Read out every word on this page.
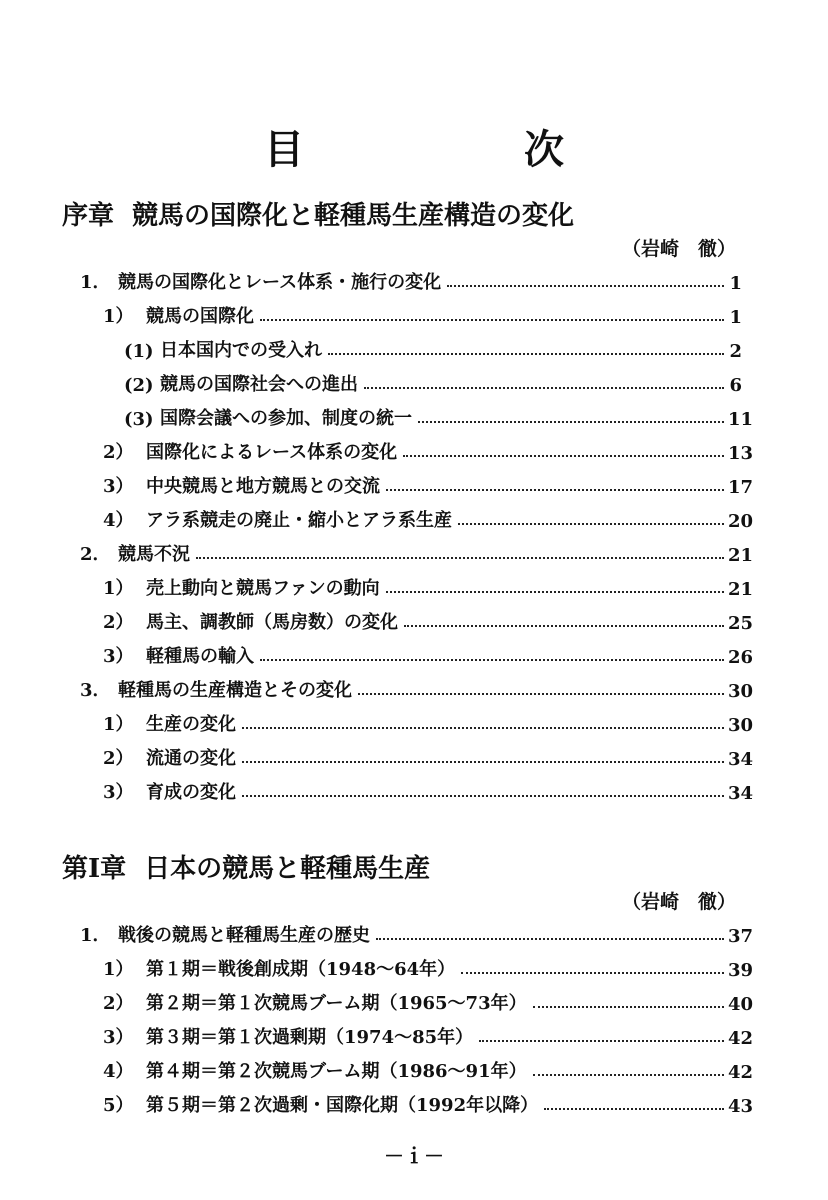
目　次
序章 競馬の国際化と軽種馬生産構造の変化
（岩崎　徹）
1． 競馬の国際化とレース体系・施行の変化	1
1） 競馬の国際化	1
(1) 日本国内での受入れ	2
(2) 競馬の国際社会への進出	6
(3) 国際会議への参加、制度の統一	11
2） 国際化によるレース体系の変化	13
3） 中央競馬と地方競馬との交流	17
4） アラ系競走の廃止・縮小とアラ系生産	20
2． 競馬不況	21
1） 売上動向と競馬ファンの動向	21
2） 馬主、調教師（馬房数）の変化	25
3） 軽種馬の輸入	26
3． 軽種馬の生産構造とその変化	30
1） 生産の変化	30
2） 流通の変化	34
3） 育成の変化	34
第Ⅰ章 日本の競馬と軽種馬生産
（岩崎　徹）
1． 戦後の競馬と軽種馬生産の歴史	37
1） 第１期＝戦後創成期（1948～64年）	39
2） 第２期＝第１次競馬ブーム期（1965～73年）	40
3） 第３期＝第１次過剰期（1974～85年）	42
4） 第４期＝第２次競馬ブーム期（1986～91年）	42
5） 第５期＝第２次過剰・国際化期（1992年以降）	43
－ｉ－
